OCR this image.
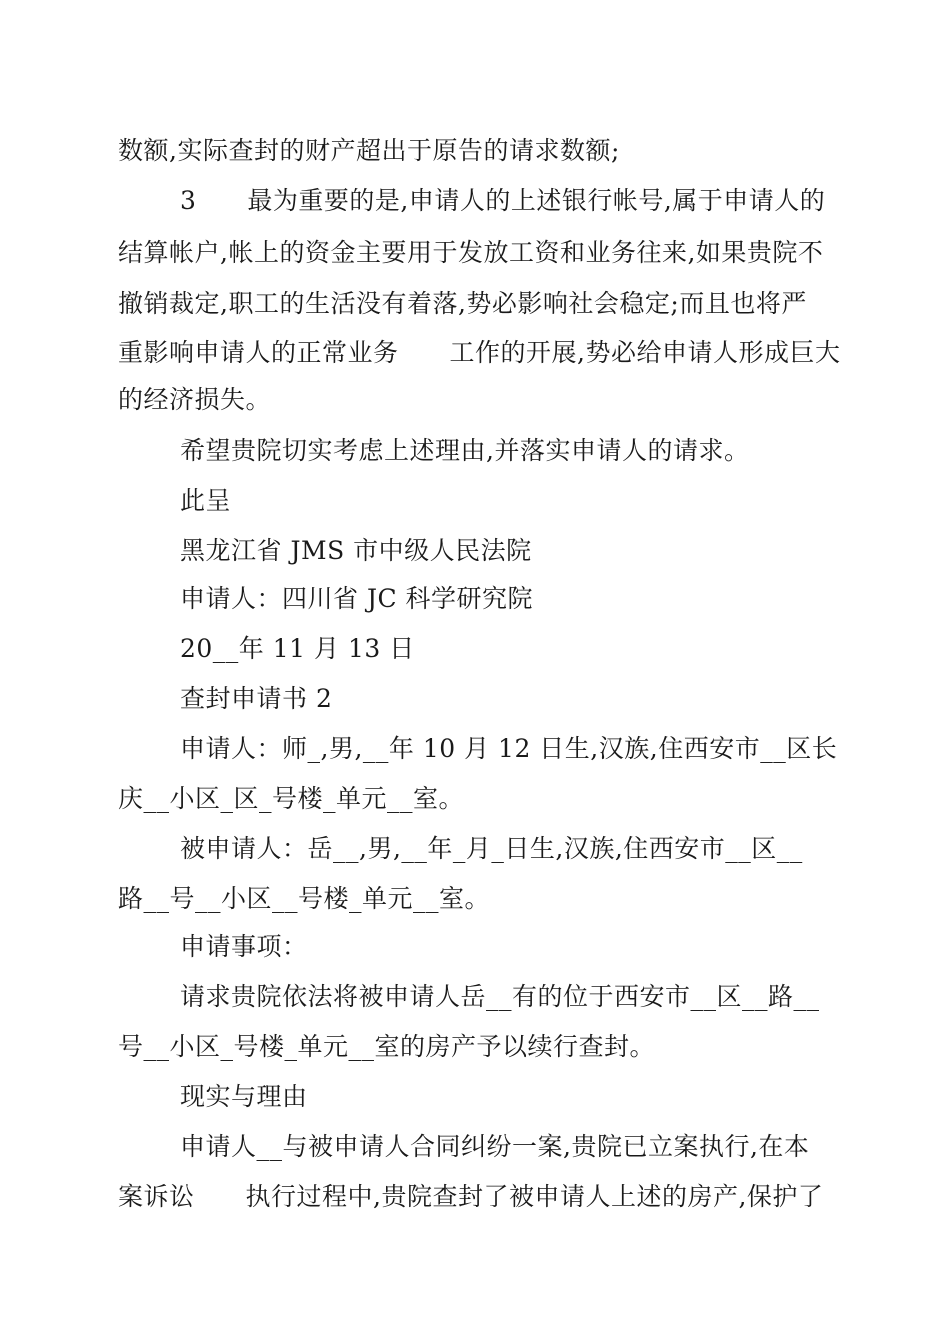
数额,实际查封的财产超出于原告的请求数额;
3　　最为重要的是,申请人的上述银行帐号,属于申请人的
结算帐户,帐上的资金主要用于发放工资和业务往来,如果贵院不
撤销裁定,职工的生活没有着落,势必影响社会稳定;而且也将严
重影响申请人的正常业务　　工作的开展,势必给申请人形成巨大
的经济损失。
希望贵院切实考虑上述理由,并落实申请人的请求。
此呈
黑龙江省 JMS 市中级人民法院
申请人：四川省 JC 科学研究院
20__年 11 月 13 日
查封申请书 2
申请人：师_,男,__年 10 月 12 日生,汉族,住西安市__区长
庆__小区_区_号楼_单元__室。
被申请人：岳__,男,__年_月_日生,汉族,住西安市__区__
路__号__小区__号楼_单元__室。
申请事项：
请求贵院依法将被申请人岳__有的位于西安市__区__路__
号__小区_号楼_单元__室的房产予以续行查封。
现实与理由
申请人__与被申请人合同纠纷一案,贵院已立案执行,在本
案诉讼　　执行过程中,贵院查封了被申请人上述的房产,保护了
